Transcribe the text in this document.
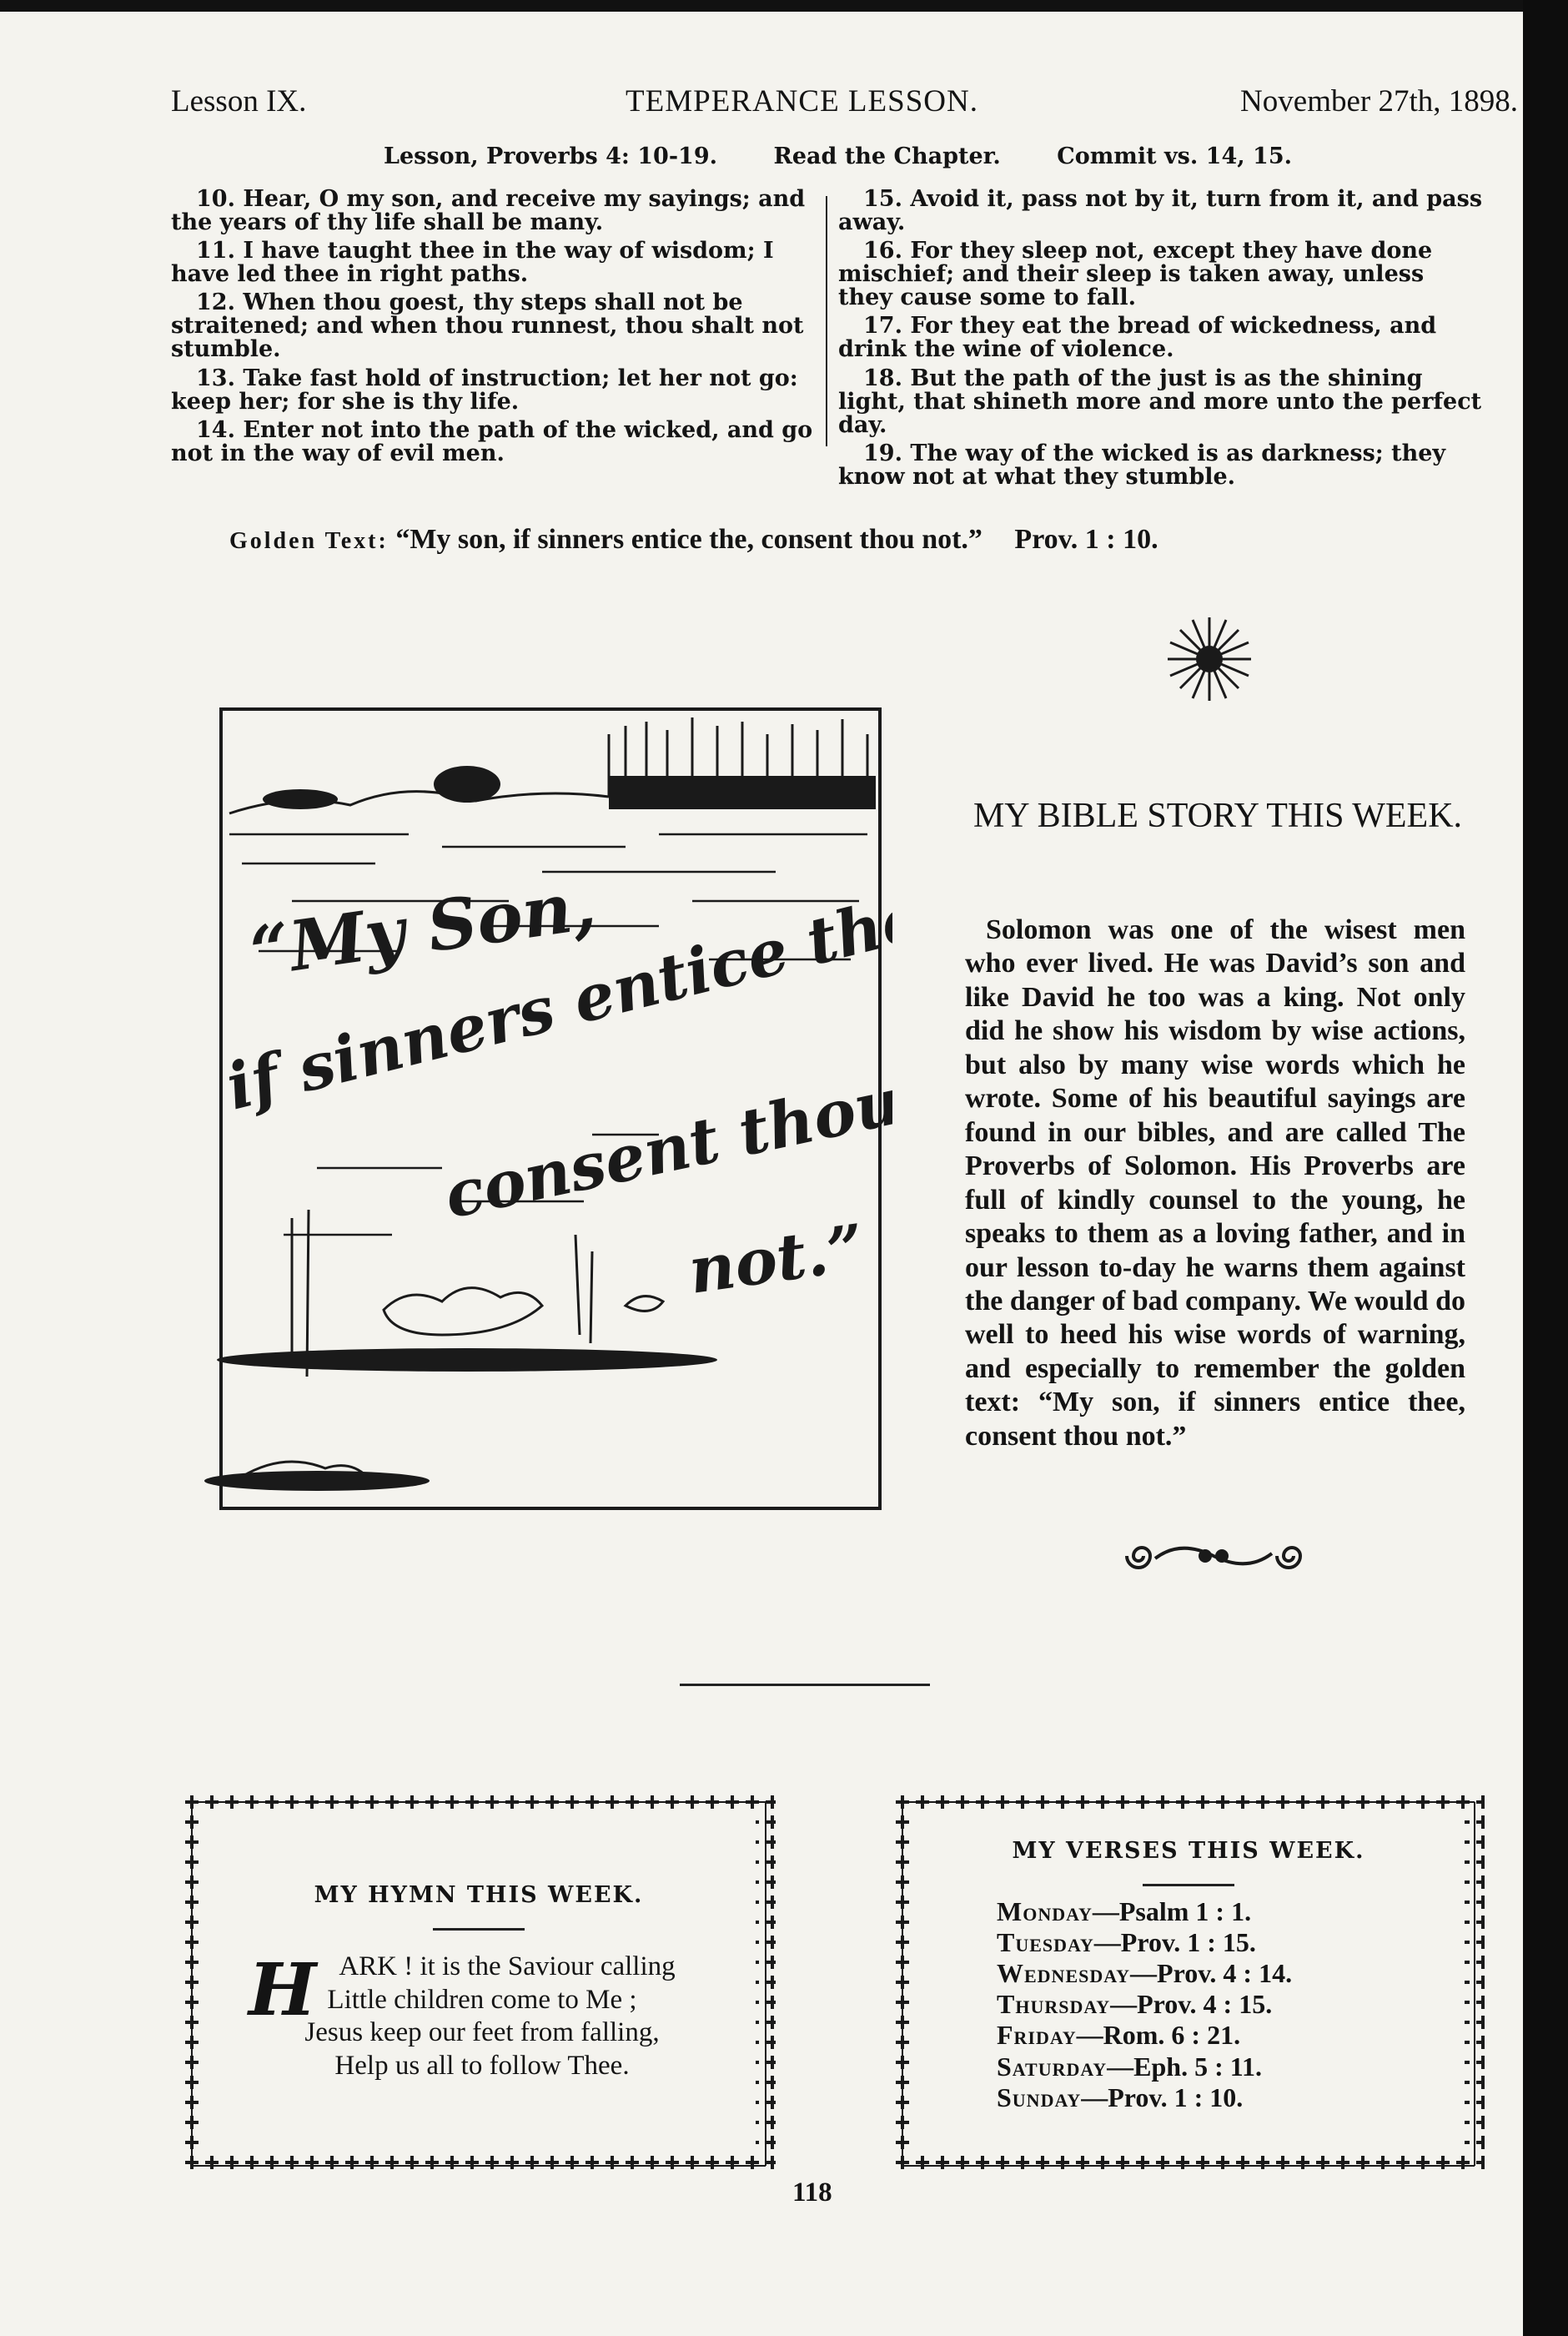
Lesson IX.	TEMPERANCE LESSON.	November 27th, 1898.
Lesson, Proverbs 4: 10-19. Read the Chapter. Commit vs. 14, 15.

10. Hear, O my son, and receive my sayings; and the years of thy life shall be many.

11. I have taught thee in the way of wisdom; I have led thee in right paths.

12. When thou goest, thy steps shall not be straitened; and when thou runnest, thou shalt not stumble.

13. Take fast hold of instruction; let her not go: keep her; for she is thy life.

14. Enter not into the path of the wicked, and go not in the way of evil men.

15. Avoid it, pass not by it, turn from it, and pass away.

16. For they sleep not, except they have done mischief; and their sleep is taken away, unless they cause some to fall.

17. For they eat the bread of wickedness, and drink the wine of violence.

18. But the path of the just is as the shining light, that shineth more and more unto the perfect day.

19. The way of the wicked is as darkness; they know not at what they stumble.

Golden Text: “My son, if sinners entice the, consent thou not.” Prov. 1 : 10.
“My Son,
if sinners entice thee,
consent thou
not.”
MY BIBLE STORY THIS WEEK.

Solomon was one of the wisest men who ever lived. He was David’s son and like David he too was a king. Not only did he show his wisdom by wise actions, but also by many wise words which he wrote. Some of his beautiful sayings are found in our bibles, and are called The Proverbs of Solomon. His Proverbs are full of kindly counsel to the young, he speaks to them as a loving father, and in our lesson to-day he warns them against the danger of bad company. We would do well to heed his wise words of warning, and especially to remember the golden text: “My son, if sinners entice thee, consent thou not.”

MY HYMN THIS WEEK.
H ARK ! it is the Saviour calling
Little children come to Me ;
Jesus keep our feet from falling,
Help us all to follow Thee.
MY VERSES THIS WEEK.
Monday—Psalm 1 : 1.
Tuesday—Prov. 1 : 15.
Wednesday—Prov. 4 : 14.
Thursday—Prov. 4 : 15.
Friday—Rom. 6 : 21.
Saturday—Eph. 5 : 11.
Sunday—Prov. 1 : 10.
118
